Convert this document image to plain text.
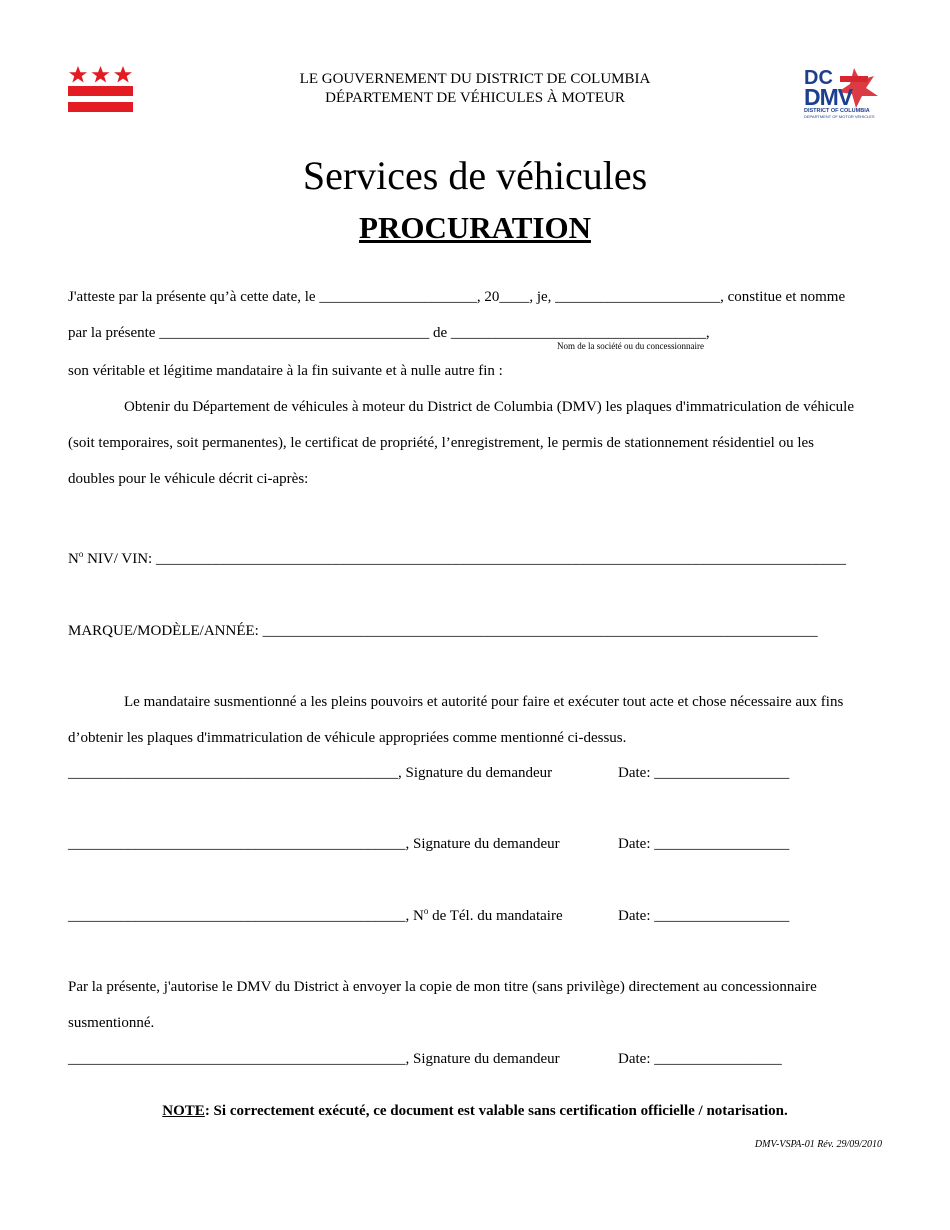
LE GOUVERNEMENT DU DISTRICT DE COLUMBIA
DÉPARTEMENT DE VÉHICULES À MOTEUR
DC
DMV
DISTRICT OF COLUMBIA
DEPARTMENT OF MOTOR VEHICLES
Services de véhicules
PROCURATION
J'atteste par la présente qu’à cette date, le _____________________, 20____, je, ______________________, constitue et nomme
par la présente ____________________________________ de __________________________________,
Nom de la société ou du concessionnaire
son véritable et légitime mandataire à la fin suivante et à nulle autre fin :
Obtenir du Département de véhicules à moteur du District de Columbia (DMV) les plaques d'immatriculation de véhicule
(soit temporaires, soit permanentes), le certificat de propriété, l’enregistrement, le permis de stationnement résidentiel ou les
doubles pour le véhicule décrit ci-après:
$N^o$ NIV/ VIN: ____________________________________________________________________________________________
MARQUE/MODÈLE/ANNÉE: __________________________________________________________________________
Le mandataire susmentionné a les pleins pouvoirs et autorité pour faire et exécuter tout acte et chose nécessaire aux fins
d’obtenir les plaques d'immatriculation de véhicule appropriées comme mentionné ci-dessus.
____________________________________________, Signature du demandeur	Date: __________________
_____________________________________________, Signature du demandeur	Date: __________________
_____________________________________________, $N^o$ de Tél. du mandataire	Date: __________________
Par la présente, j'autorise le DMV du District à envoyer la copie de mon titre (sans privilège) directement au concessionnaire
susmentionné.
_____________________________________________, Signature du demandeur	Date: _________________
NOTE: Si correctement exécuté, ce document est valable sans certification officielle / notarisation.
DMV-VSPA-01 Rév. 29/09/2010
